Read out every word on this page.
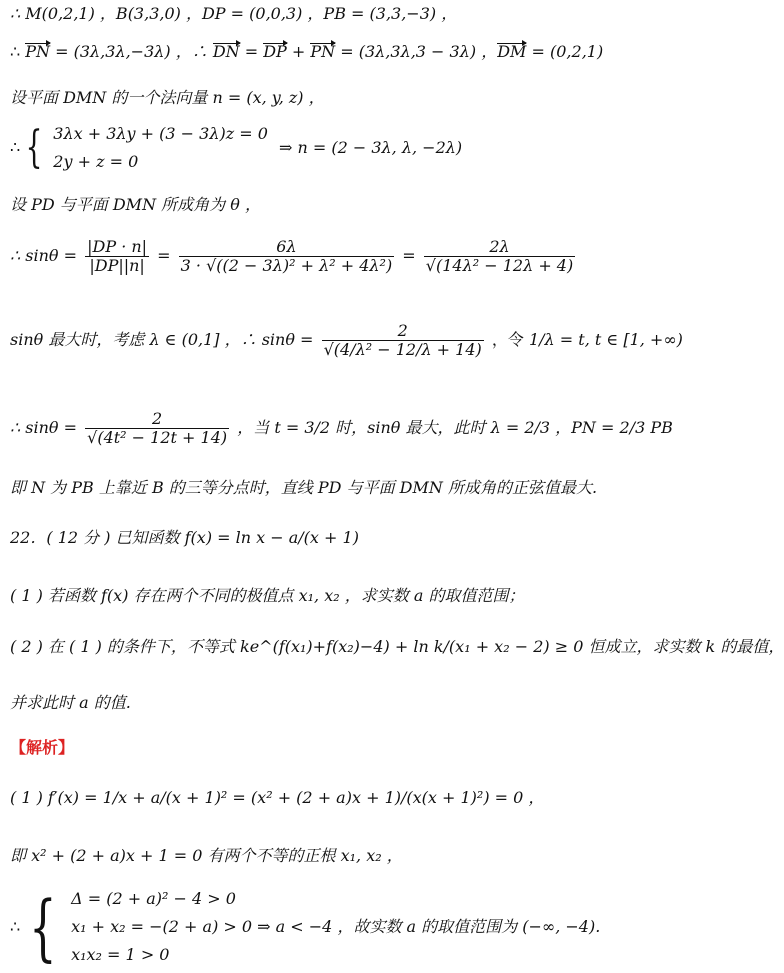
∴ M(0,2,1) ，B(3,3,0) ，DP = (0,0,3) ，PB = (3,3,−3) ，
∴ PN = (3λ,3λ,−3λ) ，∴ DN = DP + PN = (3λ,3λ,3 − 3λ) ，DM = (0,2,1)
设平面 DMN 的一个法向量 n = (x, y, z) ，
∴ { 3λx + 3λy + (3 − 3λ)z = 0
2y + z = 0
⇒ n = (2 − 3λ, λ, −2λ)
设 PD 与平面 DMN 所成角为 θ ，
∴ $\sin\theta = \frac{|DP \cdot n|}{|DP||n|} = \frac{6\lambda}{\text{3 · √((2 − 3λ)² + λ² + 4λ²)}} = \frac{2\lambda}{\text{√(14λ² − 12λ + 4)}}$
sinθ 最大时，考虑 λ ∈ (0,1] ，∴ $\sin\theta = \frac{2}{\text{√(4/λ² − 12/λ + 14)}}$ ，令 1/λ = t, t ∈ [1, +∞)
∴ $\sin\theta = \frac{2}{\text{√(4t² − 12t + 14)}}$ ，当 t = 3/2 时，sinθ 最大，此时 λ = 2/3 ，PN = 2/3 PB
即 N 为 PB 上靠近 B 的三等分点时，直线 PD 与平面 DMN 所成角的正弦值最大.
22．( 12 分 ) 已知函数 f(x) = ln x − a/(x + 1)
( 1 ) 若函数 f(x) 存在两个不同的极值点 x₁, x₂ ，求实数 a 的取值范围；
( 2 ) 在 ( 1 ) 的条件下，不等式 ke^(f(x₁)+f(x₂)−4) + ln k/(x₁ + x₂ − 2) ≥ 0 恒成立，求实数 k 的最值，
并求此时 a 的值.
【解析】
( 1 ) f′(x) = 1/x + a/(x + 1)² = (x² + (2 + a)x + 1)/(x(x + 1)²) = 0 ，
即 x² + (2 + a)x + 1 = 0 有两个不等的正根 x₁, x₂ ，
∴ { Δ = (2 + a)² − 4 > 0
x₁ + x₂ = −(2 + a) > 0 ⇒ a < −4 ，故实数 a 的取值范围为 (−∞, −4).
x₁x₂ = 1 > 0
